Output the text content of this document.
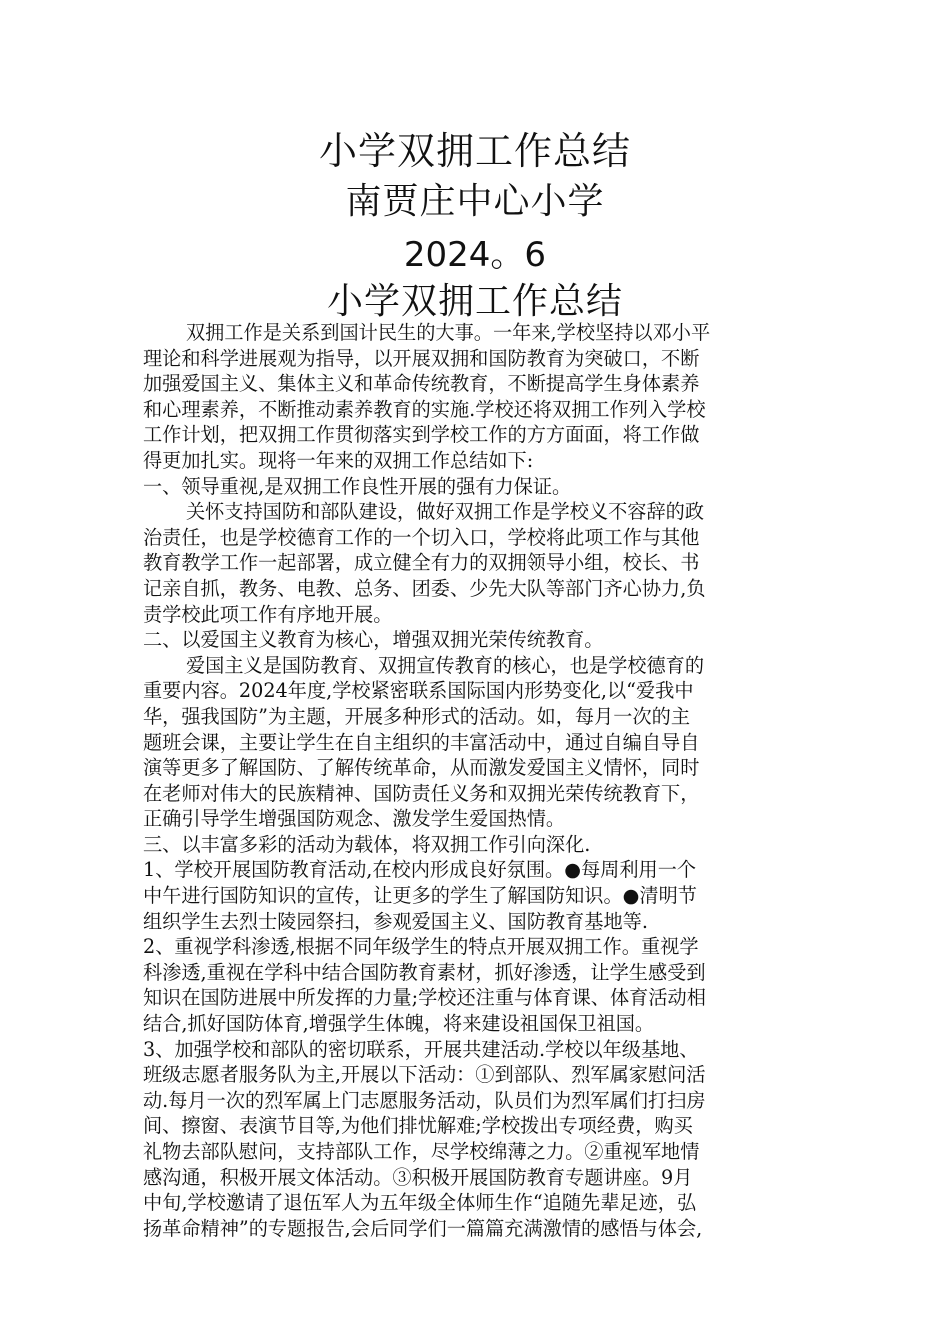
小学双拥工作总结
南贾庄中心小学
2024。6
小学双拥工作总结
双拥工作是关系到国计民生的大事。一年来,学校坚持以邓小平
理论和科学进展观为指导，以开展双拥和国防教育为突破口，不断
加强爱国主义、集体主义和革命传统教育，不断提高学生身体素养
和心理素养，不断推动素养教育的实施.学校还将双拥工作列入学校
工作计划，把双拥工作贯彻落实到学校工作的方方面面，将工作做
得更加扎实。现将一年来的双拥工作总结如下:
一、领导重视,是双拥工作良性开展的强有力保证。
关怀支持国防和部队建设，做好双拥工作是学校义不容辞的政
治责任，也是学校德育工作的一个切入口，学校将此项工作与其他
教育教学工作一起部署，成立健全有力的双拥领导小组，校长、书
记亲自抓，教务、电教、总务、团委、少先大队等部门齐心协力,负
责学校此项工作有序地开展。
二、以爱国主义教育为核心，增强双拥光荣传统教育。
爱国主义是国防教育、双拥宣传教育的核心，也是学校德育的
重要内容。2024年度,学校紧密联系国际国内形势变化,以“爱我中
华，强我国防”为主题，开展多种形式的活动。如，每月一次的主
题班会课，主要让学生在自主组织的丰富活动中，通过自编自导自
演等更多了解国防、了解传统革命，从而激发爱国主义情怀，同时
在老师对伟大的民族精神、国防责任义务和双拥光荣传统教育下，
正确引导学生增强国防观念、激发学生爱国热情。
三、以丰富多彩的活动为载体，将双拥工作引向深化.
1、学校开展国防教育活动,在校内形成良好氛围。●每周利用一个
中午进行国防知识的宣传，让更多的学生了解国防知识。●清明节
组织学生去烈士陵园祭扫，参观爱国主义、国防教育基地等.
2、重视学科渗透,根据不同年级学生的特点开展双拥工作。重视学
科渗透,重视在学科中结合国防教育素材，抓好渗透，让学生感受到
知识在国防进展中所发挥的力量;学校还注重与体育课、体育活动相
结合,抓好国防体育,增强学生体魄，将来建设祖国保卫祖国。
3、加强学校和部队的密切联系，开展共建活动.学校以年级基地、
班级志愿者服务队为主,开展以下活动：①到部队、烈军属家慰问活
动.每月一次的烈军属上门志愿服务活动，队员们为烈军属们打扫房
间、擦窗、表演节目等,为他们排忧解难;学校拨出专项经费，购买
礼物去部队慰问，支持部队工作，尽学校绵薄之力。②重视军地情
感沟通，积极开展文体活动。③积极开展国防教育专题讲座。9月
中旬,学校邀请了退伍军人为五年级全体师生作“追随先辈足迹，弘
扬革命精神”的专题报告,会后同学们一篇篇充满激情的感悟与体会,
